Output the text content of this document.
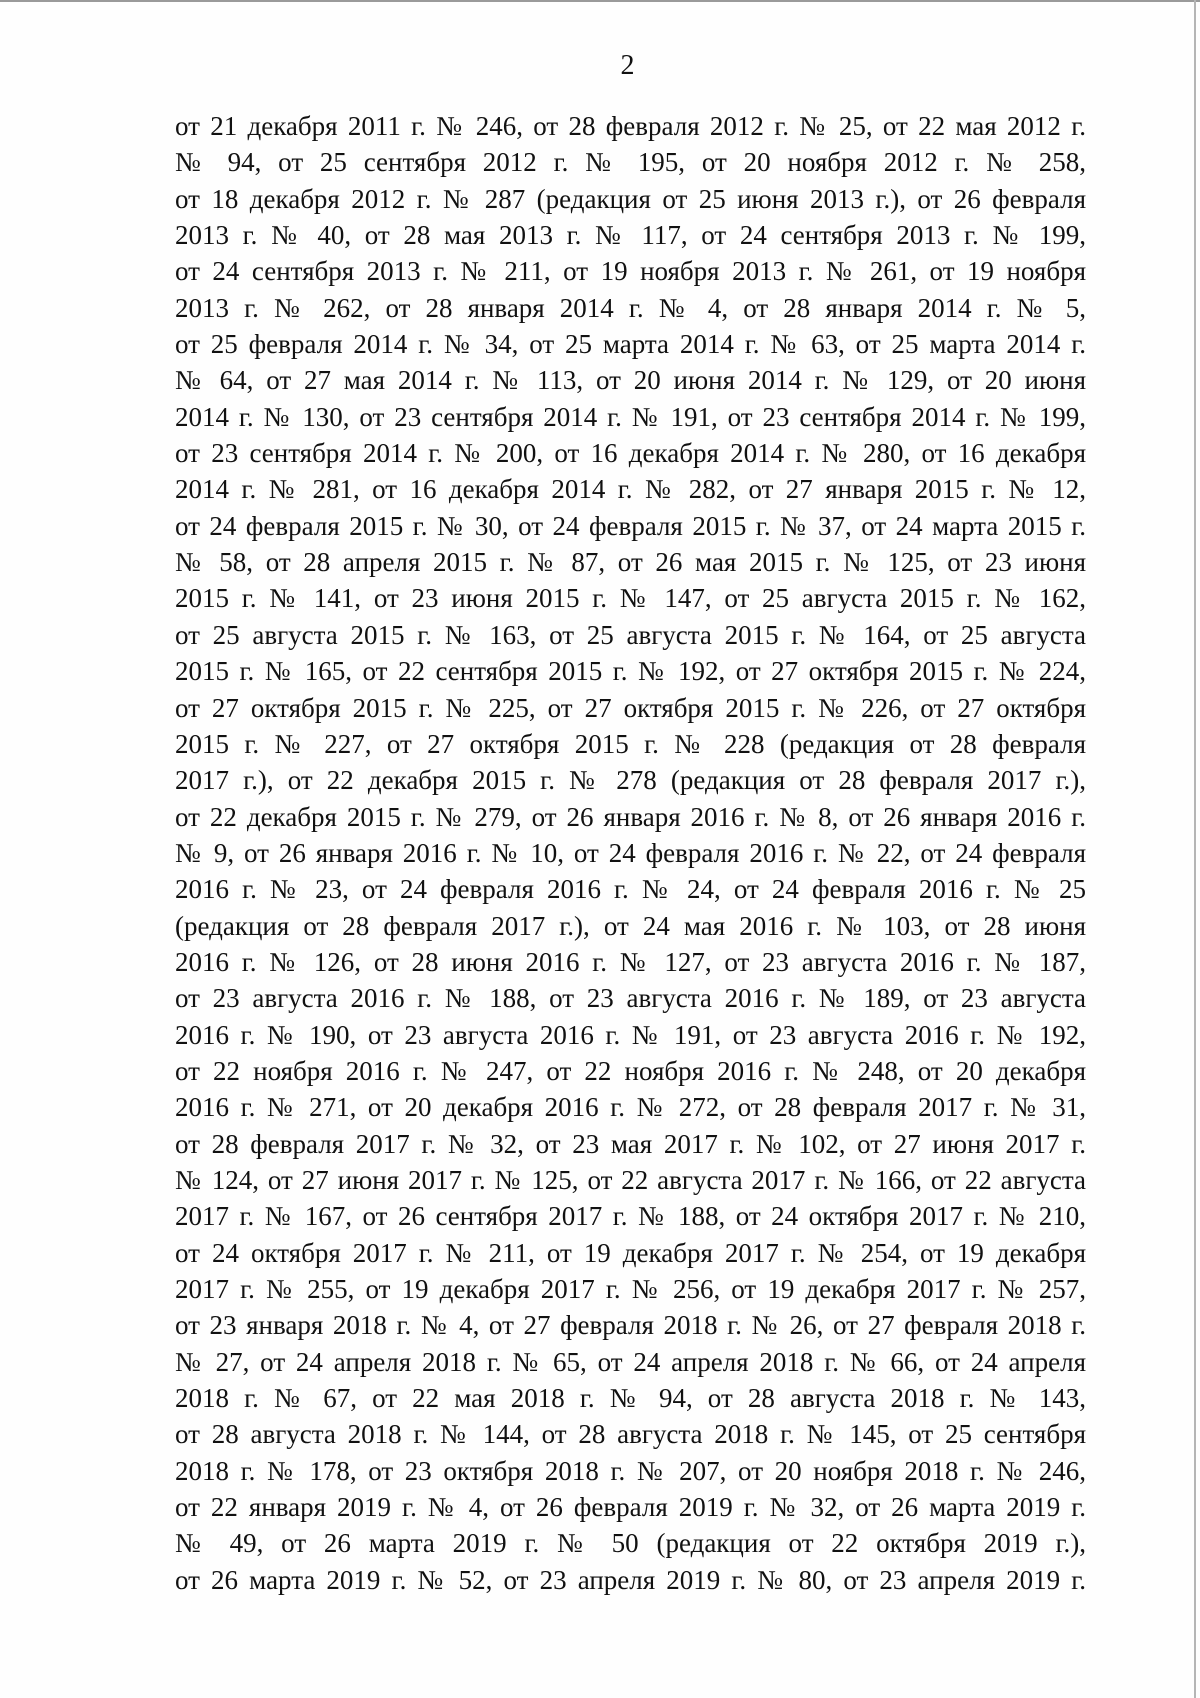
2
от 21 декабря 2011 г. № 246, от 28 февраля 2012 г. № 25, от 22 мая 2012 г.
№ 94, от 25 сентября 2012 г. № 195, от 20 ноября 2012 г. № 258,
от 18 декабря 2012 г. № 287 (редакция от 25 июня 2013 г.), от 26 февраля
2013 г. № 40, от 28 мая 2013 г. № 117, от 24 сентября 2013 г. № 199,
от 24 сентября 2013 г. № 211, от 19 ноября 2013 г. № 261, от 19 ноября
2013 г. № 262, от 28 января 2014 г. № 4, от 28 января 2014 г. № 5,
от 25 февраля 2014 г. № 34, от 25 марта 2014 г. № 63, от 25 марта 2014 г.
№ 64, от 27 мая 2014 г. № 113, от 20 июня 2014 г. № 129, от 20 июня
2014 г. № 130, от 23 сентября 2014 г. № 191, от 23 сентября 2014 г. № 199,
от 23 сентября 2014 г. № 200, от 16 декабря 2014 г. № 280, от 16 декабря
2014 г. № 281, от 16 декабря 2014 г. № 282, от 27 января 2015 г. № 12,
от 24 февраля 2015 г. № 30, от 24 февраля 2015 г. № 37, от 24 марта 2015 г.
№ 58, от 28 апреля 2015 г. № 87, от 26 мая 2015 г. № 125, от 23 июня
2015 г. № 141, от 23 июня 2015 г. № 147, от 25 августа 2015 г. № 162,
от 25 августа 2015 г. № 163, от 25 августа 2015 г. № 164, от 25 августа
2015 г. № 165, от 22 сентября 2015 г. № 192, от 27 октября 2015 г. № 224,
от 27 октября 2015 г. № 225, от 27 октября 2015 г. № 226, от 27 октября
2015 г. № 227, от 27 октября 2015 г. № 228 (редакция от 28 февраля
2017 г.), от 22 декабря 2015 г. № 278 (редакция от 28 февраля 2017 г.),
от 22 декабря 2015 г. № 279, от 26 января 2016 г. № 8, от 26 января 2016 г.
№ 9, от 26 января 2016 г. № 10, от 24 февраля 2016 г. № 22, от 24 февраля
2016 г. № 23, от 24 февраля 2016 г. № 24, от 24 февраля 2016 г. № 25
(редакция от 28 февраля 2017 г.), от 24 мая 2016 г. № 103, от 28 июня
2016 г. № 126, от 28 июня 2016 г. № 127, от 23 августа 2016 г. № 187,
от 23 августа 2016 г. № 188, от 23 августа 2016 г. № 189, от 23 августа
2016 г. № 190, от 23 августа 2016 г. № 191, от 23 августа 2016 г. № 192,
от 22 ноября 2016 г. № 247, от 22 ноября 2016 г. № 248, от 20 декабря
2016 г. № 271, от 20 декабря 2016 г. № 272, от 28 февраля 2017 г. № 31,
от 28 февраля 2017 г. № 32, от 23 мая 2017 г. № 102, от 27 июня 2017 г.
№ 124, от 27 июня 2017 г. № 125, от 22 августа 2017 г. № 166, от 22 августа
2017 г. № 167, от 26 сентября 2017 г. № 188, от 24 октября 2017 г. № 210,
от 24 октября 2017 г. № 211, от 19 декабря 2017 г. № 254, от 19 декабря
2017 г. № 255, от 19 декабря 2017 г. № 256, от 19 декабря 2017 г. № 257,
от 23 января 2018 г. № 4, от 27 февраля 2018 г. № 26, от 27 февраля 2018 г.
№ 27, от 24 апреля 2018 г. № 65, от 24 апреля 2018 г. № 66, от 24 апреля
2018 г. № 67, от 22 мая 2018 г. № 94, от 28 августа 2018 г. № 143,
от 28 августа 2018 г. № 144, от 28 августа 2018 г. № 145, от 25 сентября
2018 г. № 178, от 23 октября 2018 г. № 207, от 20 ноября 2018 г. № 246,
от 22 января 2019 г. № 4, от 26 февраля 2019 г. № 32, от 26 марта 2019 г.
№ 49, от 26 марта 2019 г. № 50 (редакция от 22 октября 2019 г.),
от 26 марта 2019 г. № 52, от 23 апреля 2019 г. № 80, от 23 апреля 2019 г.
